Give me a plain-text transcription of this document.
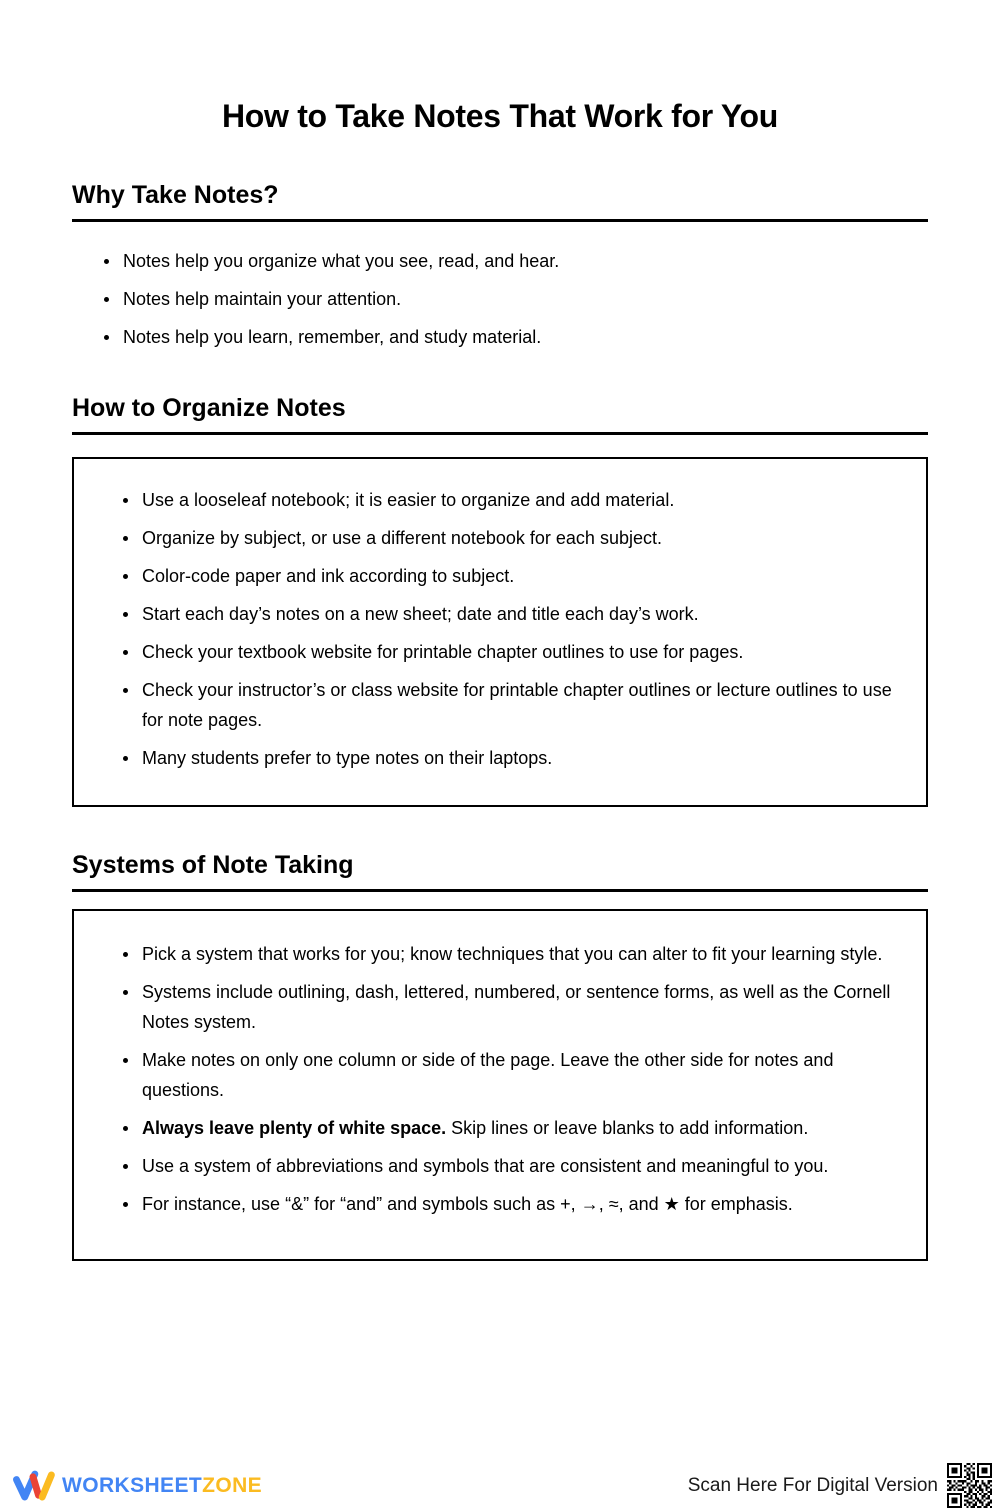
How to Take Notes That Work for You
Why Take Notes?
Notes help you organize what you see, read, and hear.
Notes help maintain your attention.
Notes help you learn, remember, and study material.
How to Organize Notes
Use a looseleaf notebook; it is easier to organize and add material.
Organize by subject, or use a different notebook for each subject.
Color-code paper and ink according to subject.
Start each day’s notes on a new sheet; date and title each day’s work.
Check your textbook website for printable chapter outlines to use for pages.
Check your instructor’s or class website for printable chapter outlines or lecture outlines to use for note pages.
Many students prefer to type notes on their laptops.
Systems of Note Taking
Pick a system that works for you; know techniques that you can alter to fit your learning style.
Systems include outlining, dash, lettered, numbered, or sentence forms, as well as the Cornell Notes system.
Make notes on only one column or side of the page. Leave the other side for notes and questions.
Always leave plenty of white space. Skip lines or leave blanks to add information.
Use a system of abbreviations and symbols that are consistent and meaningful to you.
For instance, use “&” for “and” and symbols such as +, →, ≈, and ★ for emphasis.
WORKSHEETZONE	Scan Here For Digital Version
